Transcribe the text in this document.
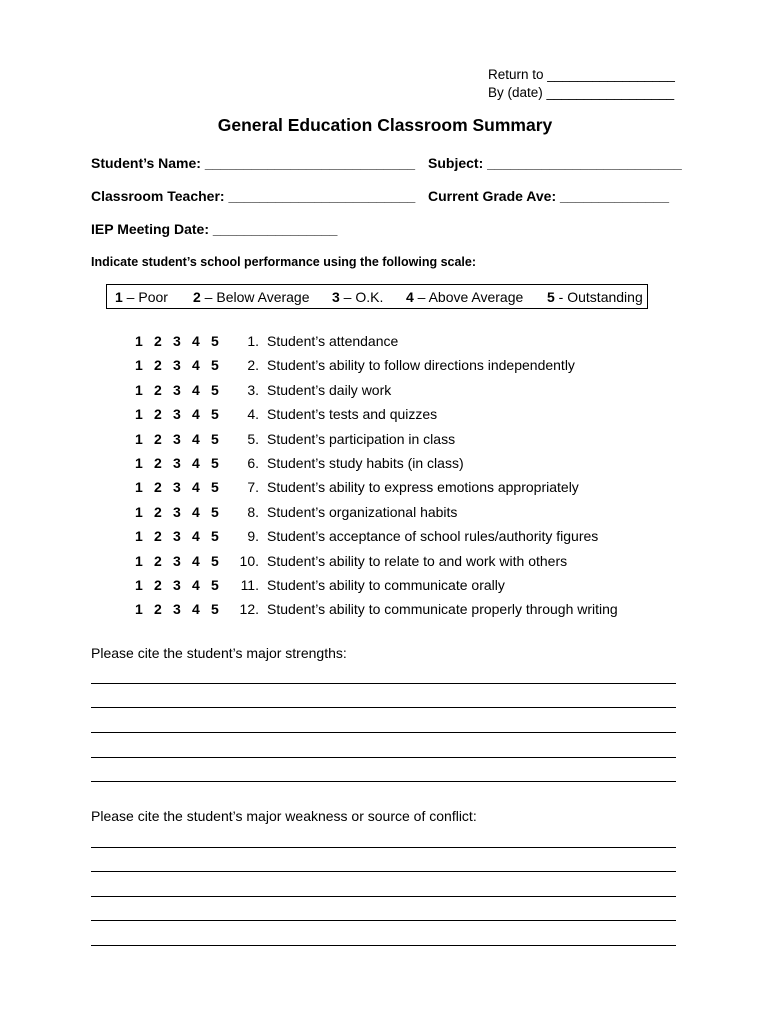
Return to _________________
By (date) _________________
General Education Classroom Summary
Student’s Name: ___________________________ Subject: _________________________
Classroom Teacher: ________________________ Current Grade Ave: ______________
IEP Meeting Date: ________________
Indicate student’s school performance using the following scale:
1 – Poor 2 – Below Average 3 – O.K. 4 – Above Average 5 - Outstanding
1 2 3 4 5	1. Student’s attendance
1 2 3 4 5	2. Student’s ability to follow directions independently
1 2 3 4 5	3. Student’s daily work
1 2 3 4 5	4. Student’s tests and quizzes
1 2 3 4 5	5. Student’s participation in class
1 2 3 4 5	6. Student’s study habits (in class)
1 2 3 4 5	7. Student’s ability to express emotions appropriately
1 2 3 4 5	8. Student’s organizational habits
1 2 3 4 5	9. Student’s acceptance of school rules/authority figures
1 2 3 4 5	10. Student’s ability to relate to and work with others
1 2 3 4 5	11. Student’s ability to communicate orally
1 2 3 4 5	12. Student’s ability to communicate properly through writing
Please cite the student’s major strengths:
Please cite the student’s major weakness or source of conflict:
